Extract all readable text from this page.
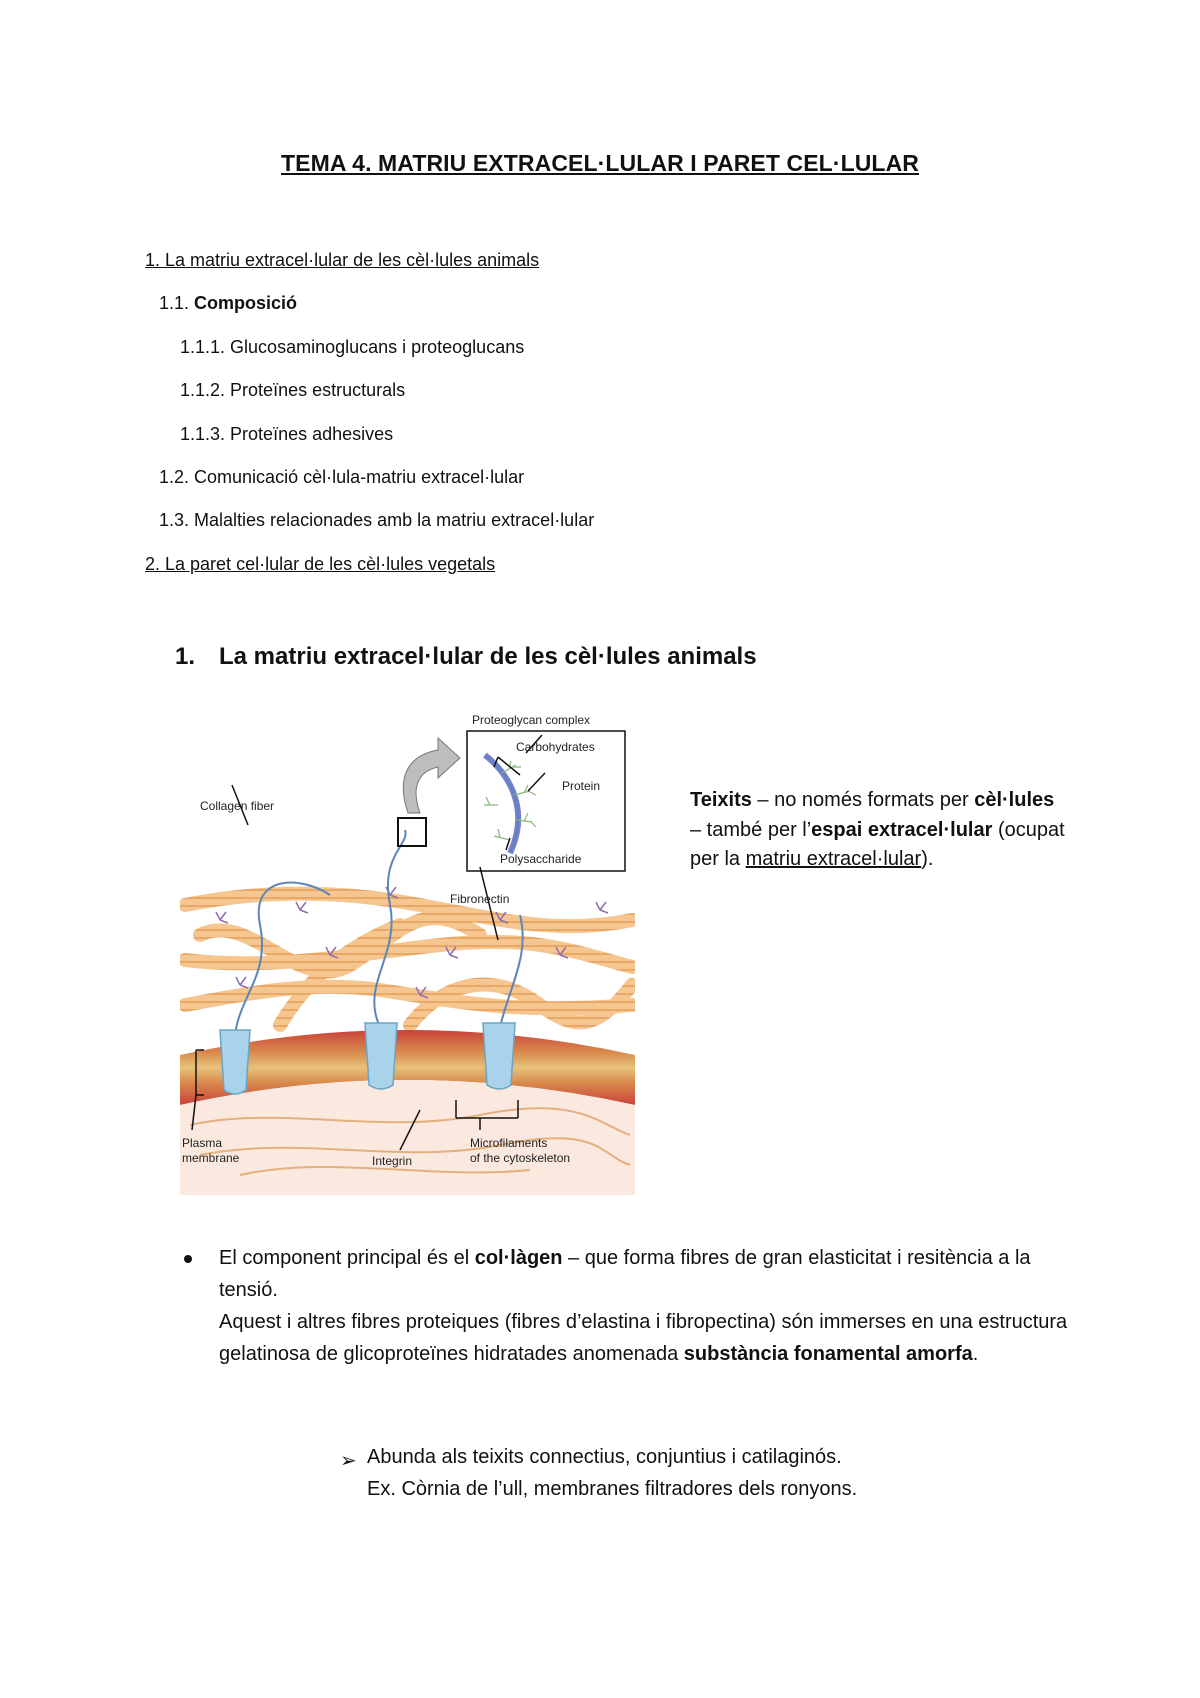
TEMA 4. MATRIU EXTRACEL·LULAR I PARET CEL·LULAR
1. La matriu extracel·lular de les cèl·lules animals
1.1. Composició
1.1.1. Glucosaminoglucans i proteoglucans
1.1.2. Proteïnes estructurals
1.1.3. Proteïnes adhesives
1.2. Comunicació cèl·lula-matriu extracel·lular
1.3. Malalties relacionades amb la matriu extracel·lular
2. La paret cel·lular de les cèl·lules vegetals
1. La matriu extracel·lular de les cèl·lules animals
Proteoglycan complex
Carbohydrates
Protein
Polysaccharide
Collagen fiber
Fibronectin
Plasma
membrane	Integrin
Microfilaments
of the cytoskeleton
Teixits – no només formats per cèl·lules – també per l’espai extracel·lular (ocupat per la matriu extracel·lular).
El component principal és el col·làgen – que forma fibres de gran elasticitat i resitència a la tensió.
Aquest i altres fibres proteiques (fibres d’elastina i fibropectina) són immerses en una estructura gelatinosa de glicoproteïnes hidratades anomenada substància fonamental amorfa.
➢ Abunda als teixits connectius, conjuntius i catilaginós.
Ex. Còrnia de l’ull, membranes filtradores dels ronyons.
